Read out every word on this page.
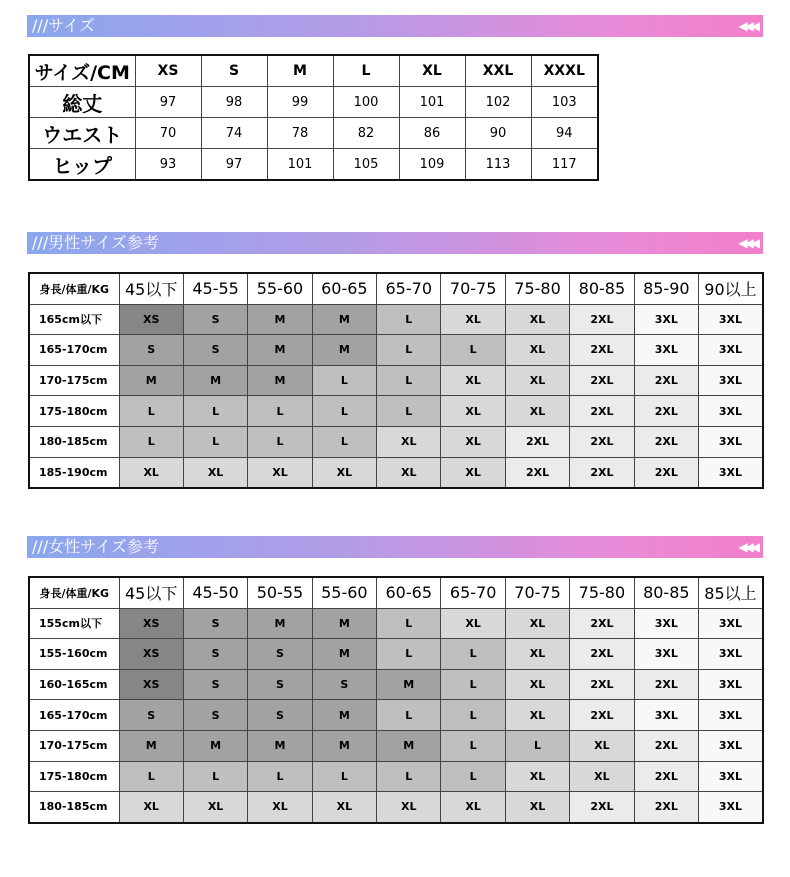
///サイズ	◀◀◀
サイズ/CM	XS	S	M	L	XL	XXL	XXXL
総丈	97	98	99	100	101	102	103
ウエスト	70	74	78	82	86	90	94
ヒップ	93	97	101	105	109	113	117
///男性サイズ参考	◀◀◀
身長/体重/KG	45以下	45-55	55-60	60-65	65-70	70-75	75-80	80-85	85-90	90以上
165cm以下	XS	S	M	M	L	XL	XL	2XL	3XL	3XL
165-170cm	S	S	M	M	L	L	XL	2XL	3XL	3XL
170-175cm	M	M	M	L	L	XL	XL	2XL	2XL	3XL
175-180cm	L	L	L	L	L	XL	XL	2XL	2XL	3XL
180-185cm	L	L	L	L	XL	XL	2XL	2XL	2XL	3XL
185-190cm	XL	XL	XL	XL	XL	XL	2XL	2XL	2XL	3XL
///女性サイズ参考	◀◀◀
身長/体重/KG	45以下	45-50	50-55	55-60	60-65	65-70	70-75	75-80	80-85	85以上
155cm以下	XS	S	M	M	L	XL	XL	2XL	3XL	3XL
155-160cm	XS	S	S	M	L	L	XL	2XL	3XL	3XL
160-165cm	XS	S	S	S	M	L	XL	2XL	2XL	3XL
165-170cm	S	S	S	M	L	L	XL	2XL	3XL	3XL
170-175cm	M	M	M	M	M	L	L	XL	2XL	3XL
175-180cm	L	L	L	L	L	L	XL	XL	2XL	3XL
180-185cm	XL	XL	XL	XL	XL	XL	XL	2XL	2XL	3XL
